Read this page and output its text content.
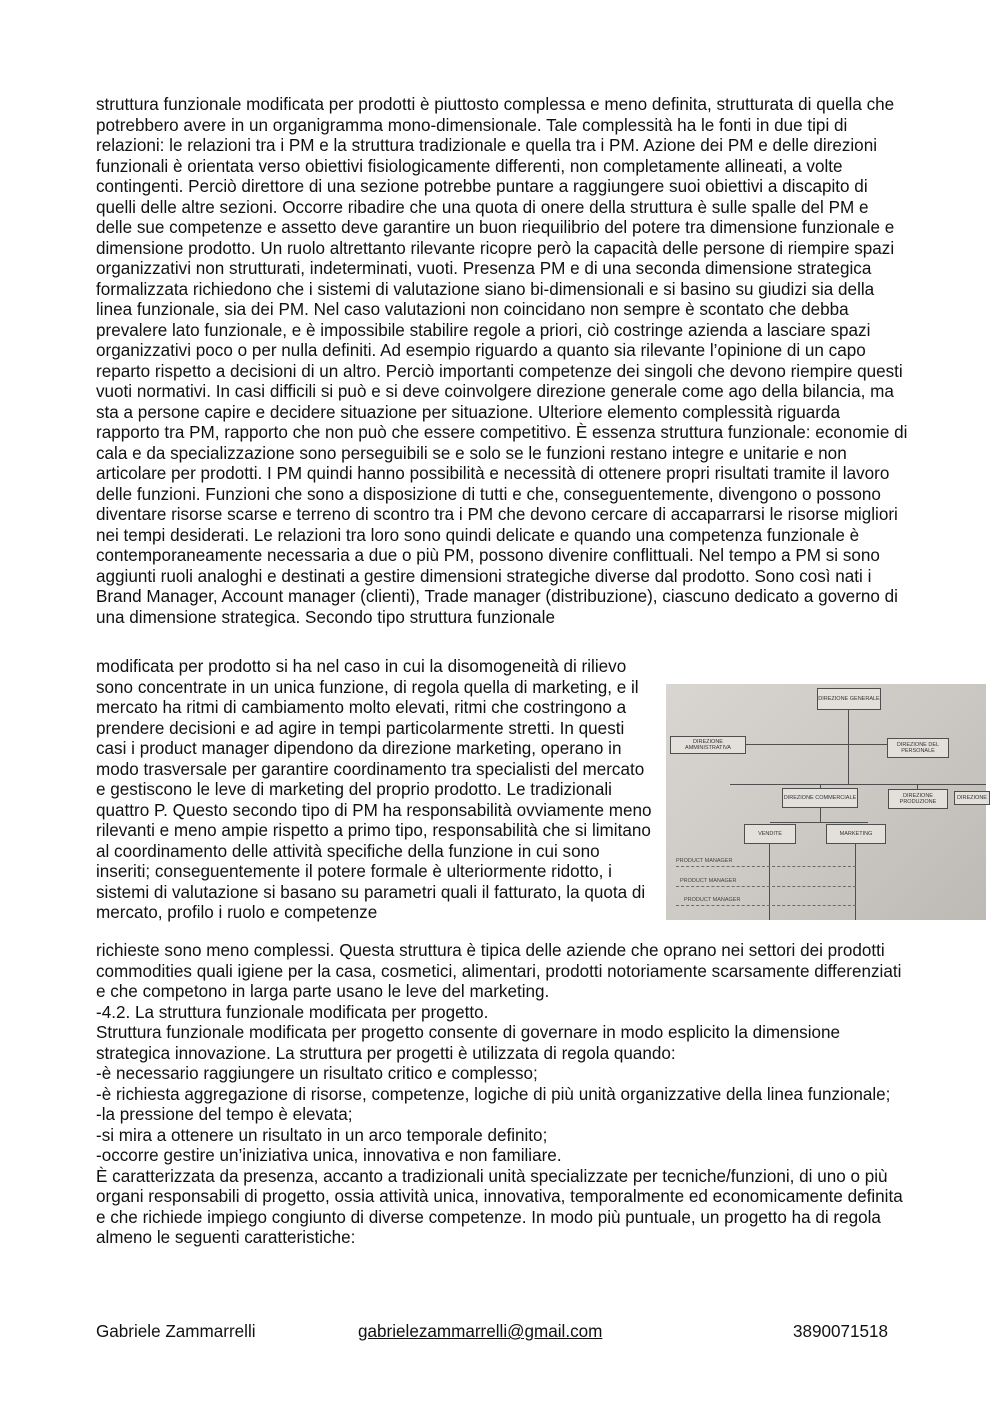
struttura funzionale modificata per prodotti è piuttosto complessa e meno definita, strutturata di quella che potrebbero avere in un organigramma mono-dimensionale. Tale complessità ha le fonti in due tipi di relazioni: le relazioni tra i PM e la struttura tradizionale e quella tra i PM. Azione dei PM e delle direzioni funzionali è orientata verso obiettivi fisiologicamente differenti, non completamente allineati, a volte contingenti. Perciò direttore di una sezione potrebbe puntare a raggiungere suoi obiettivi a discapito di quelli delle altre sezioni. Occorre ribadire che una quota di onere della struttura è sulle spalle del PM e delle sue competenze e assetto deve garantire un buon riequilibrio del potere tra dimensione funzionale e dimensione prodotto. Un ruolo altrettanto rilevante ricopre però la capacità delle persone di riempire spazi organizzativi non strutturati, indeterminati, vuoti. Presenza PM e di una seconda dimensione strategica formalizzata richiedono che i sistemi di valutazione siano bi-dimensionali e si basino su giudizi sia della linea funzionale, sia dei PM. Nel caso valutazioni non coincidano non sempre è scontato che debba prevalere lato funzionale, e è impossibile stabilire regole a priori, ciò costringe azienda a lasciare spazi organizzativi poco o per nulla definiti. Ad esempio riguardo a quanto sia rilevante l’opinione di un capo reparto rispetto a decisioni di un altro. Perciò importanti competenze dei singoli che devono riempire questi vuoti normativi. In casi difficili si può e si deve coinvolgere direzione generale come ago della bilancia, ma sta a persone capire e decidere situazione per situazione. Ulteriore elemento complessità riguarda rapporto tra PM, rapporto che non può che essere competitivo. È essenza struttura funzionale: economie di cala e da specializzazione sono perseguibili se e solo se le funzioni restano integre e unitarie e non articolare per prodotti. I PM quindi hanno possibilità e necessità di ottenere propri risultati tramite il lavoro delle funzioni. Funzioni che sono a disposizione di tutti e che, conseguentemente, divengono o possono diventare risorse scarse e terreno di scontro tra i PM che devono cercare di accaparrarsi le risorse migliori nei tempi desiderati. Le relazioni tra loro sono quindi delicate e quando una competenza funzionale è contemporaneamente necessaria a due o più PM, possono divenire conflittuali. Nel tempo a PM si sono aggiunti ruoli analoghi e destinati a gestire dimensioni strategiche diverse dal prodotto. Sono così nati i Brand Manager, Account manager (clienti), Trade manager (distribuzione), ciascuno dedicato a governo di una dimensione strategica. Secondo tipo struttura funzionale

modificata per prodotto si ha nel caso in cui la disomogeneità di rilievo sono concentrate in un unica funzione, di regola quella di marketing, e il mercato ha ritmi di cambiamento molto elevati, ritmi che costringono a prendere decisioni e ad agire in tempi particolarmente stretti. In questi casi i product manager dipendono da direzione marketing, operano in modo trasversale per garantire coordinamento tra specialisti del mercato e gestiscono le leve di marketing del proprio prodotto. Le tradizionali quattro P. Questo secondo tipo di PM ha responsabilità ovviamente meno rilevanti e meno ampie rispetto a primo tipo, responsabilità che si limitano al coordinamento delle attività specifiche della funzione in cui sono inseriti; conseguentemente il potere formale è ulteriormente ridotto, i sistemi di valutazione si basano su parametri quali il fatturato, la quota di mercato, profilo i ruolo e competenze

DIREZIONE GENERALE
DIREZIONE AMMINISTRATIVA
DIREZIONE DEL PERSONALE
DIREZIONE COMMERCIALE	DIREZIONE PRODUZIONE
DIREZIONE
VENDITE	MARKETING
PRODUCT MANAGER
PRODUCT MANAGER
PRODUCT MANAGER

richieste sono meno complessi. Questa struttura è tipica delle aziende che oprano nei settori dei prodotti commodities quali igiene per la casa, cosmetici, alimentari, prodotti notoriamente scarsamente differenziati e che competono in larga parte usano le leve del marketing.

-4.2. La struttura funzionale modificata per progetto.

Struttura funzionale modificata per progetto consente di governare in modo esplicito la dimensione strategica innovazione. La struttura per progetti è utilizzata di regola quando:

-è necessario raggiungere un risultato critico e complesso;

-è richiesta aggregazione di risorse, competenze, logiche di più unità organizzative della linea funzionale;

-la pressione del tempo è elevata;

-si mira a ottenere un risultato in un arco temporale definito;

-occorre gestire un’iniziativa unica, innovativa e non familiare.

È caratterizzata da presenza, accanto a tradizionali unità specializzate per tecniche/funzioni, di uno o più organi responsabili di progetto, ossia attività unica, innovativa, temporalmente ed economicamente definita e che richiede impiego congiunto di diverse competenze. In modo più puntuale, un progetto ha di regola almeno le seguenti caratteristiche:

Gabriele Zammarrelli	gabrielezammarrelli@gmail.com	3890071518
